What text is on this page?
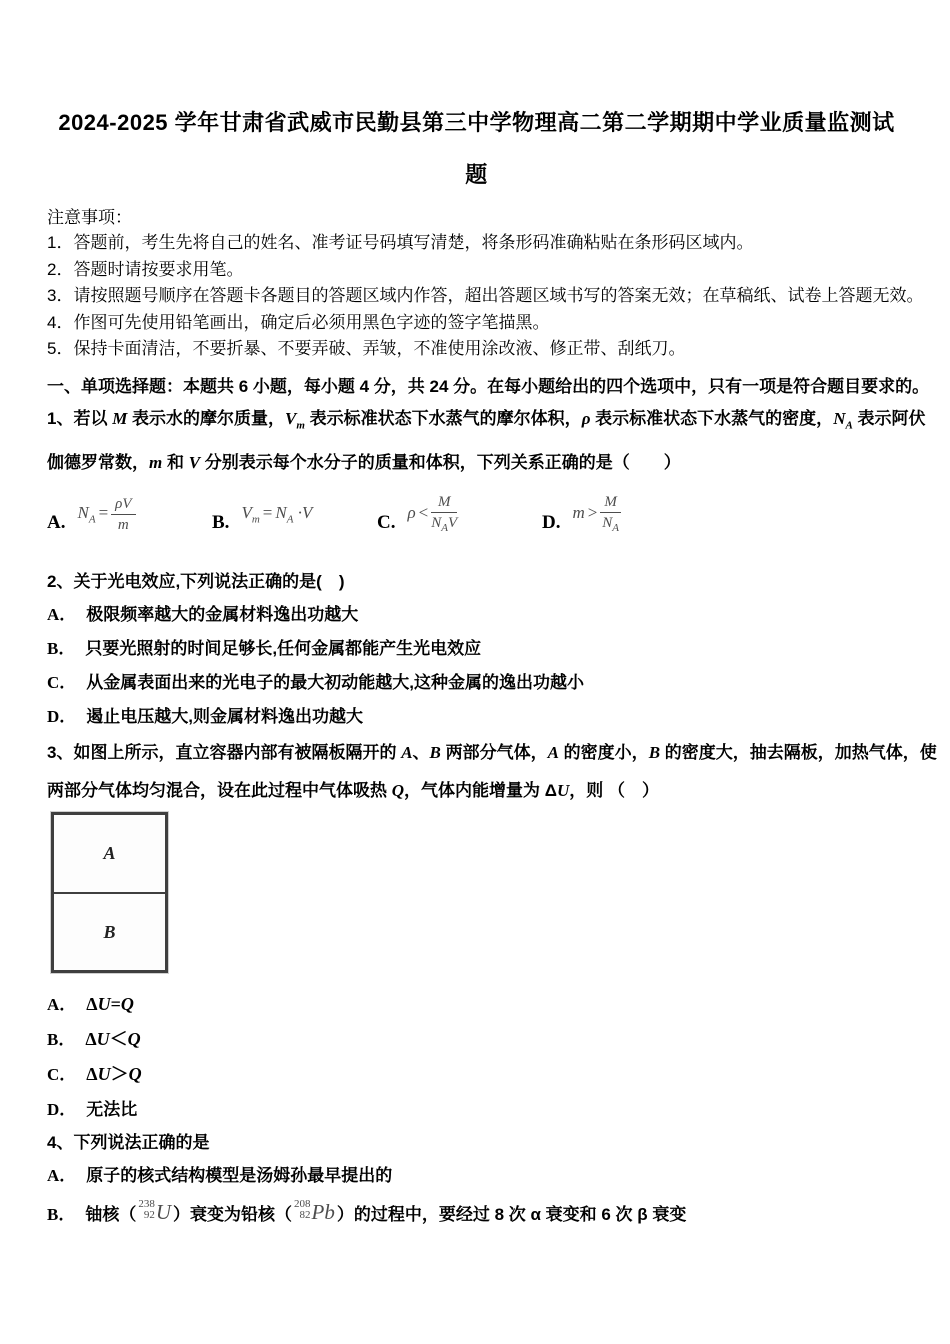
2024-2025 学年甘肃省武威市民勤县第三中学物理高二第二学期期中学业质量监测试
题
注意事项：
1．答题前，考生先将自己的姓名、准考证号码填写清楚，将条形码准确粘贴在条形码区域内。
2．答题时请按要求用笔。
3．请按照题号顺序在答题卡各题目的答题区域内作答，超出答题区域书写的答案无效；在草稿纸、试卷上答题无效。
4．作图可先使用铅笔画出，确定后必须用黑色字迹的签字笔描黑。
5．保持卡面清洁，不要折暴、不要弄破、弄皱，不准使用涂改液、修正带、刮纸刀。
一、单项选择题：本题共 6 小题，每小题 4 分，共 24 分。在每小题给出的四个选项中，只有一项是符合题目要求的。
1、若以 M 表示水的摩尔质量，$V_m$ 表示标准状态下水蒸气的摩尔体积，ρ 表示标准状态下水蒸气的密度，$N_A$ 表示阿伏
伽德罗常数，m 和 V 分别表示每个水分子的质量和体积，下列关系正确的是（　　）
A. $N_A = \frac{\rho V}{m}$	B. $V_m = N_A \cdot V$	C. $\rho < \frac{M}{N_AV}$	D. $m > \frac{M}{N_A}$
2、关于光电效应,下列说法正确的是(　)
A． 极限频率越大的金属材料逸出功越大
B． 只要光照射的时间足够长,任何金属都能产生光电效应
C． 从金属表面出来的光电子的最大初动能越大,这种金属的逸出功越小
D． 遏止电压越大,则金属材料逸出功越大
3、如图上所示，直立容器内部有被隔板隔开的 A、B 两部分气体，A 的密度小，B 的密度大，抽去隔板，加热气体，使
两部分气体均匀混合，设在此过程中气体吸热 Q，气体内能增量为 ΔU，则 （　）
A
B
A． ΔU=Q
B． ΔU＜Q
C． ΔU＞Q
D． 无法比
4、下列说法正确的是
A． 原子的核式结构模型是汤姆孙最早提出的
B． 铀核（
238
92 U ）衰变为铅核（
208
82 Pb ）的过程中，要经过 8 次 α 衰变和 6 次 β 衰变
